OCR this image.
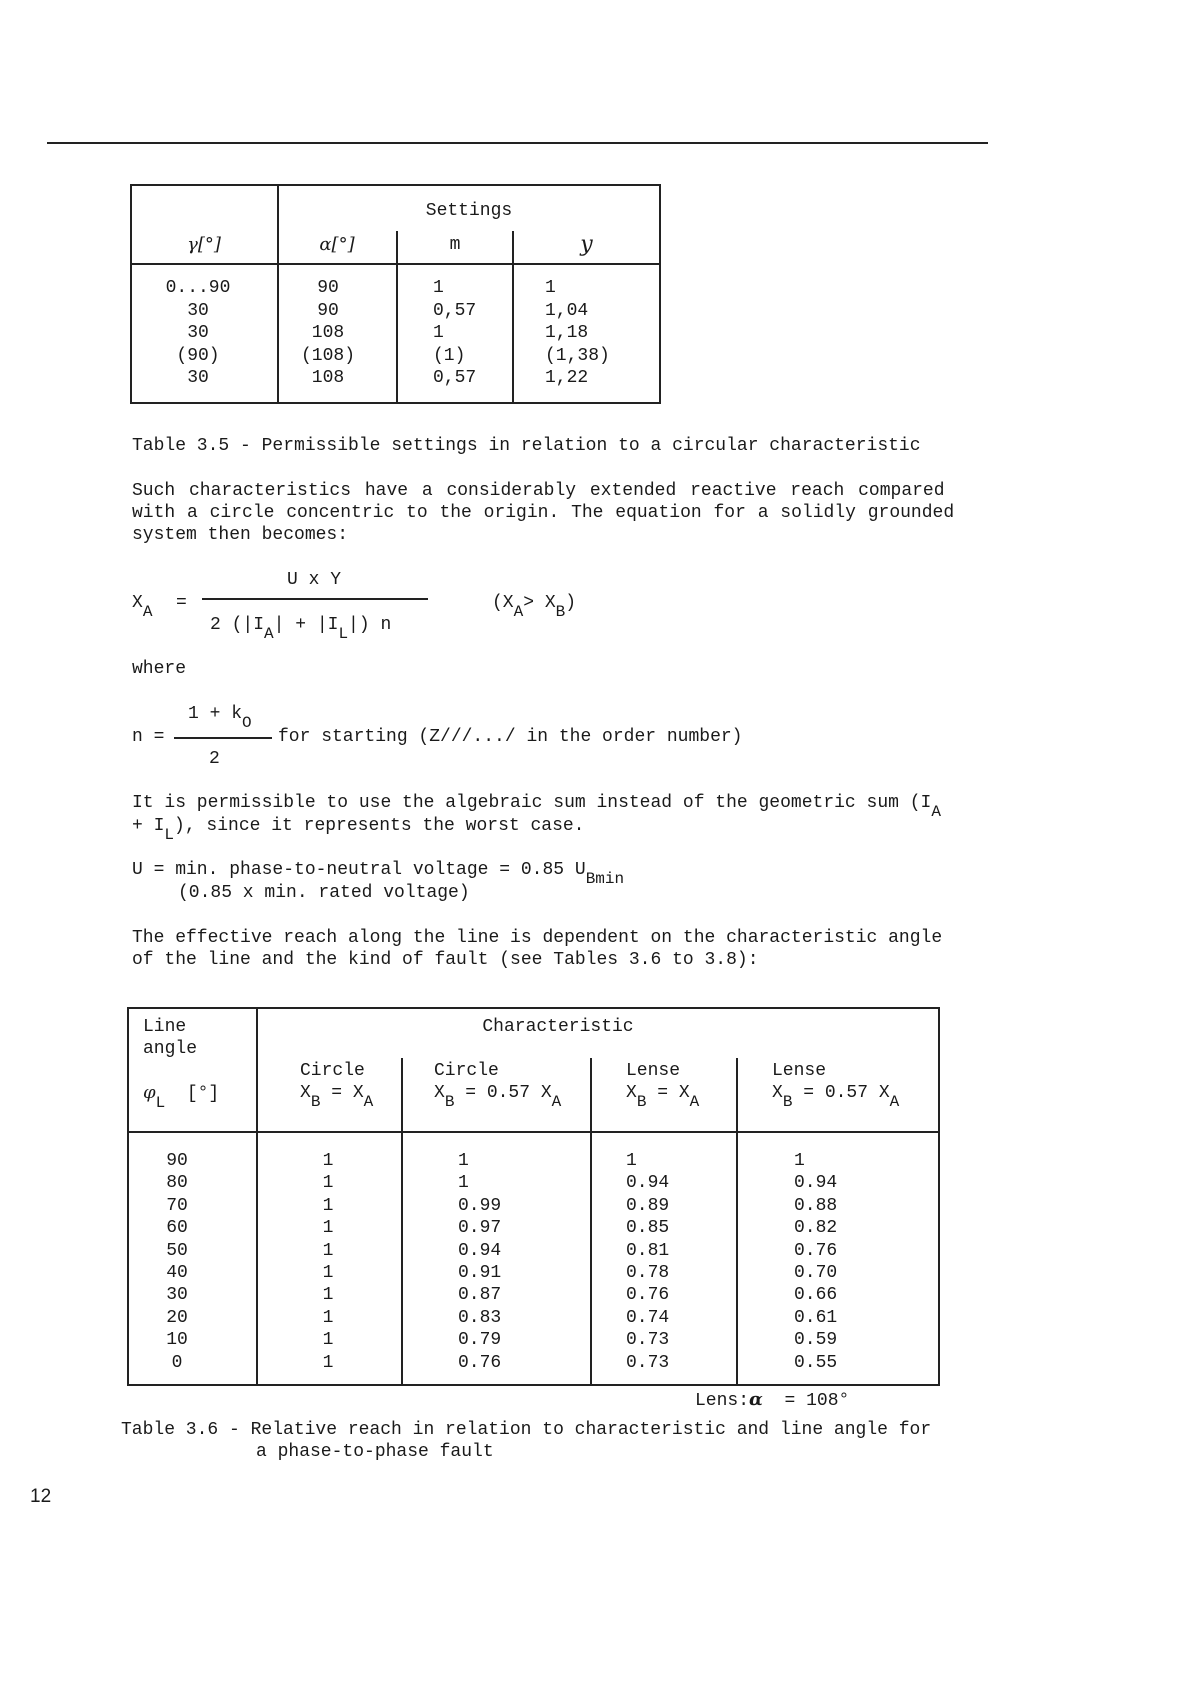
Settings
γ[°]	α[°]	m	y
0...90	90	1	1
30	90	0,57	1,04
30	108	1	1,18
(90)	(108)	(1)	(1,38)
30	108	0,57	1,22
Table 3.5 - Permissible settings in relation to a circular characteristic
Such characteristics have a considerably extended reactive reach compared
with a circle concentric to the origin. The equation for a solidly grounded
system then becomes:
XA =
U x Y
2 (|IA| + |IL|) n
(XA> XB)
where
1 + kO
n =	for starting (Z///.../ in the order number)
2
It is permissible to use the algebraic sum instead of the geometric sum (IA
+ IL), since it represents the worst case.
U = min. phase-to-neutral voltage = 0.85 UBmin
(0.85 x min. rated voltage)
The effective reach along the line is dependent on the characteristic angle
of the line and the kind of fault (see Tables 3.6 to 3.8):
Line
angle
φL [°]
Characteristic
Circle
XB = XA
Circle
XB = 0.57 XA
Lense
XB = XA
Lense
XB = 0.57 XA
90	1	1	1	1
80	1	1	0.94	0.94
70	1	0.99	0.89	0.88
60	1	0.97	0.85	0.82
50	1	0.94	0.81	0.76
40	1	0.91	0.78	0.70
30	1	0.87	0.76	0.66
20	1	0.83	0.74	0.61
10	1	0.79	0.73	0.59
0	1	0.76	0.73	0.55
Lens:α = 108°
Table 3.6 - Relative reach in relation to characteristic and line angle for
a phase-to-phase fault
12
